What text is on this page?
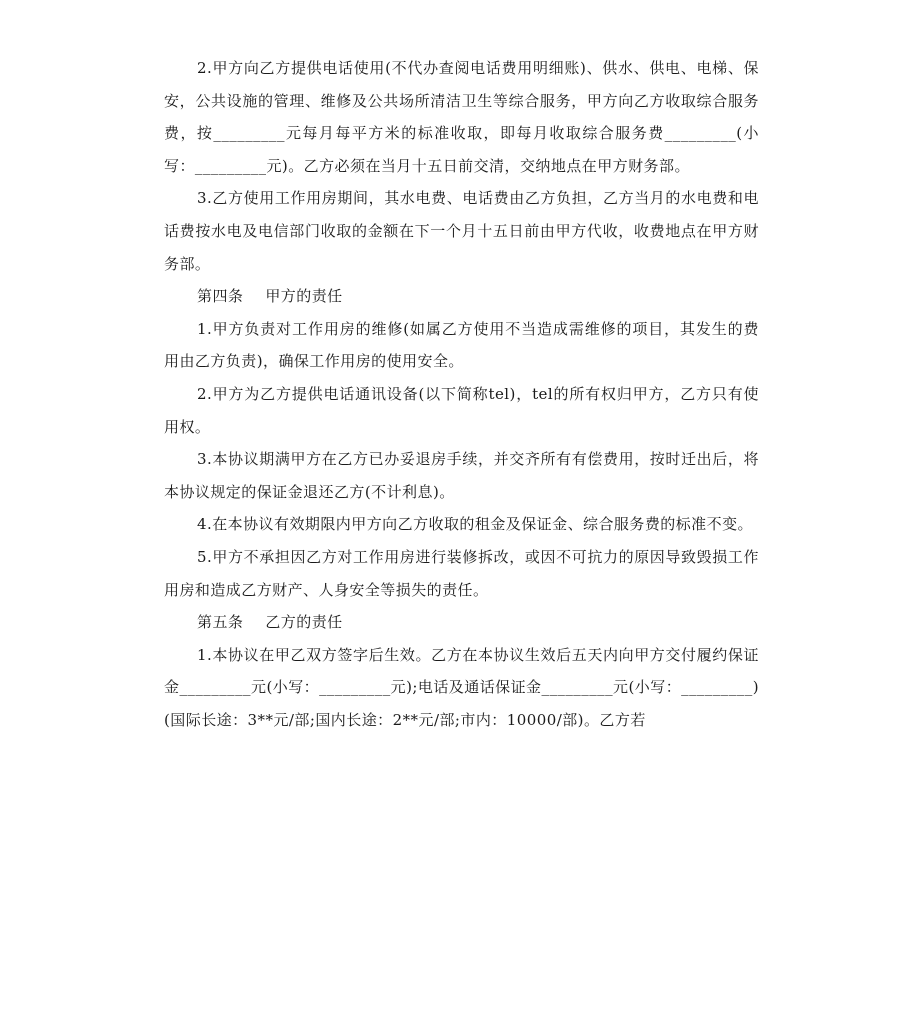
2.甲方向乙方提供电话使用(不代办查阅电话费用明细账)、供水、供电、电梯、保安，公共设施的管理、维修及公共场所清洁卫生等综合服务，甲方向乙方收取综合服务费，按_________元每月每平方米的标准收取，即每月收取综合服务费_________(小写：_________元)。乙方必须在当月十五日前交清，交纳地点在甲方财务部。

3.乙方使用工作用房期间，其水电费、电话费由乙方负担，乙方当月的水电费和电话费按水电及电信部门收取的金额在下一个月十五日前由甲方代收，收费地点在甲方财务部。

第四条 甲方的责任

1.甲方负责对工作用房的维修(如属乙方使用不当造成需维修的项目，其发生的费用由乙方负责)，确保工作用房的使用安全。

2.甲方为乙方提供电话通讯设备(以下简称tel)，tel的所有权归甲方，乙方只有使用权。

3.本协议期满甲方在乙方已办妥退房手续，并交齐所有有偿费用，按时迁出后，将本协议规定的保证金退还乙方(不计利息)。

4.在本协议有效期限内甲方向乙方收取的租金及保证金、综合服务费的标准不变。

5.甲方不承担因乙方对工作用房进行装修拆改，或因不可抗力的原因导致毁损工作用房和造成乙方财产、人身安全等损失的责任。

第五条 乙方的责任

1.本协议在甲乙双方签字后生效。乙方在本协议生效后五天内向甲方交付履约保证金_________元(小写：_________元);电话及通话保证金_________元(小写：_________)(国际长途：3**元/部;国内长途：2**元/部;市内：10000/部)。乙方若
